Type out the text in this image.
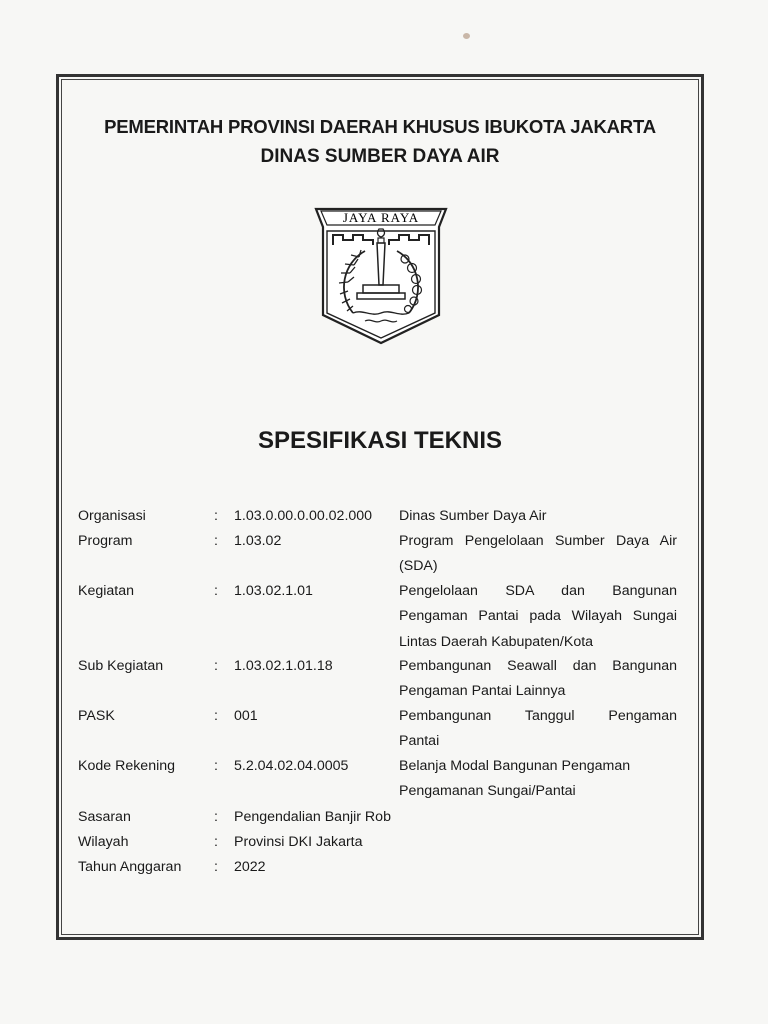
PEMERINTAH PROVINSI DAERAH KHUSUS IBUKOTA JAKARTA
DINAS SUMBER DAYA AIR
JAYA RAYA
SPESIFIKASI TEKNIS
Organisasi	: 1.03.0.00.0.00.02.000 Dinas Sumber Daya Air
Program	: 1.03.02	Program Pengelolaan Sumber Daya Air
(SDA)
Kegiatan	: 1.03.02.1.01	Pengelolaan SDA dan Bangunan
Pengaman Pantai pada Wilayah Sungai
Lintas Daerah Kabupaten/Kota
Sub Kegiatan	: 1.03.02.1.01.18	Pembangunan Seawall dan Bangunan
Pengaman Pantai Lainnya
PASK	: 001	Pembangunan Tanggul Pengaman
Pantai
Kode Rekening	: 5.2.04.02.04.0005	Belanja Modal Bangunan Pengaman
Pengamanan Sungai/Pantai
Sasaran	: Pengendalian Banjir Rob
Wilayah	: Provinsi DKI Jakarta
Tahun Anggaran : 2022
